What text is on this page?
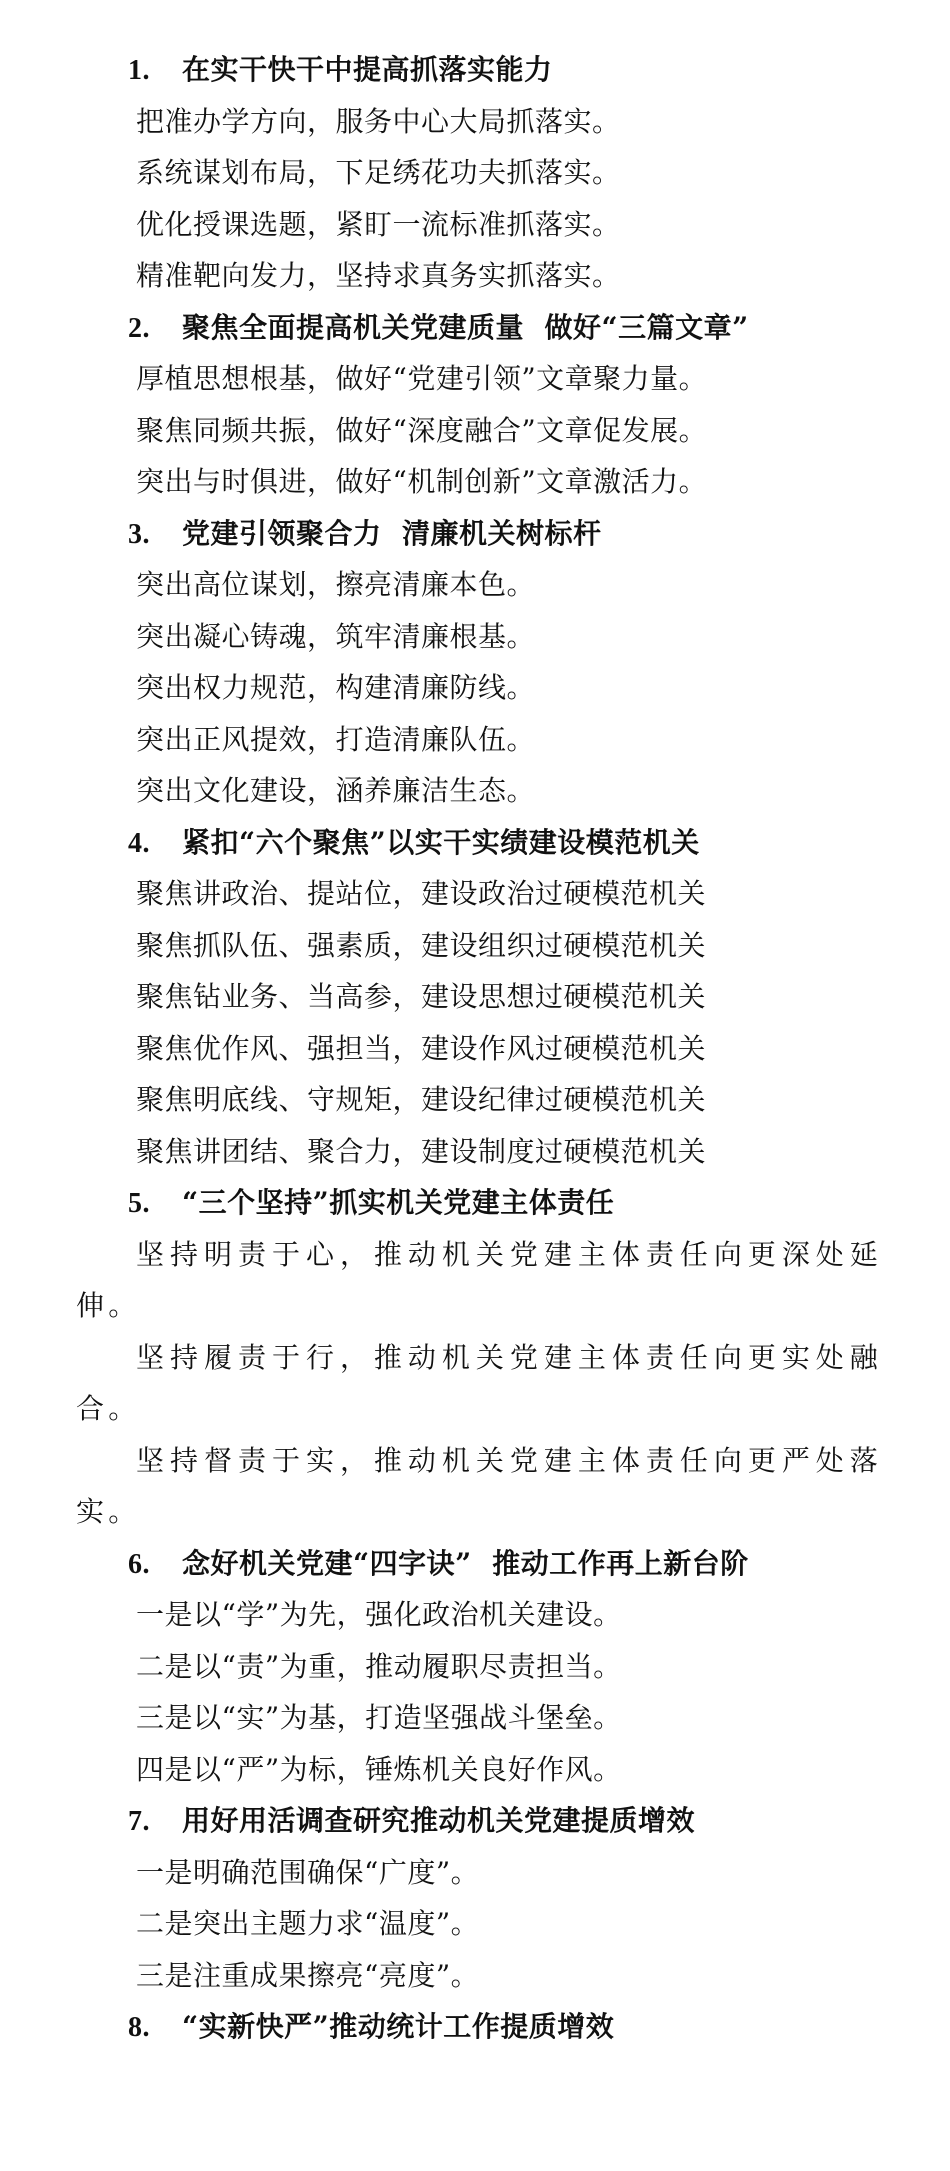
1. 在实干快干中提高抓落实能力
把准办学方向，服务中心大局抓落实。
系统谋划布局，下足绣花功夫抓落实。
优化授课选题，紧盯一流标准抓落实。
精准靶向发力，坚持求真务实抓落实。
2. 聚焦全面提高机关党建质量  做好“三篇文章”
厚植思想根基，做好“党建引领”文章聚力量。
聚焦同频共振，做好“深度融合”文章促发展。
突出与时俱进，做好“机制创新”文章激活力。
3. 党建引领聚合力  清廉机关树标杆
突出高位谋划，擦亮清廉本色。
突出凝心铸魂，筑牢清廉根基。
突出权力规范，构建清廉防线。
突出正风提效，打造清廉队伍。
突出文化建设，涵养廉洁生态。
4. 紧扣“六个聚焦”以实干实绩建设模范机关
聚焦讲政治、提站位，建设政治过硬模范机关
聚焦抓队伍、强素质，建设组织过硬模范机关
聚焦钻业务、当高参，建设思想过硬模范机关
聚焦优作风、强担当，建设作风过硬模范机关
聚焦明底线、守规矩，建设纪律过硬模范机关
聚焦讲团结、聚合力，建设制度过硬模范机关
5. “三个坚持”抓实机关党建主体责任
坚持明责于心，推动机关党建主体责任向更深处延伸。
坚持履责于行，推动机关党建主体责任向更实处融合。
坚持督责于实，推动机关党建主体责任向更严处落实。
6. 念好机关党建“四字诀”  推动工作再上新台阶
一是以“学”为先，强化政治机关建设。
二是以“责”为重，推动履职尽责担当。
三是以“实”为基，打造坚强战斗堡垒。
四是以“严”为标，锤炼机关良好作风。
7. 用好用活调查研究推动机关党建提质增效
一是明确范围确保“广度”。
二是突出主题力求“温度”。
三是注重成果擦亮“亮度”。
8. “实新快严”推动统计工作提质增效
